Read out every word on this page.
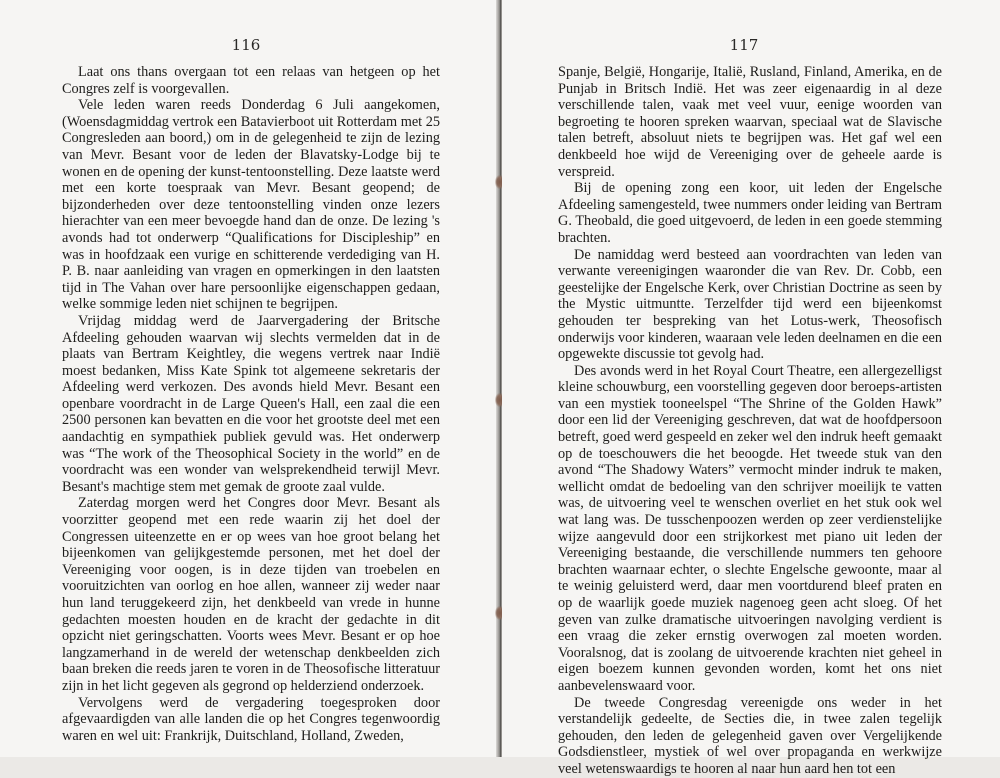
116

Laat ons thans overgaan tot een relaas van hetgeen op het Congres zelf is voorgevallen.

Vele leden waren reeds Donderdag 6 Juli aangekomen, (Woensdagmiddag vertrok een Batavierboot uit Rotterdam met 25 Congresleden aan boord,) om in de gelegenheid te zijn de lezing van Mevr. Besant voor de leden der Blavatsky-Lodge bij te wonen en de opening der kunst-tentoonstelling. Deze laatste werd met een korte toespraak van Mevr. Besant geopend; de bijzonderheden over deze tentoonstelling vinden onze lezers hierachter van een meer bevoegde hand dan de onze. De lezing 's avonds had tot onderwerp “Qualifications for Discipleship” en was in hoofdzaak een vurige en schitterende verdediging van H. P. B. naar aanleiding van vragen en opmerkingen in den laatsten tijd in The Vahan over hare persoonlijke eigenschappen gedaan, welke sommige leden niet schijnen te begrijpen.

Vrijdag middag werd de Jaarvergadering der Britsche Afdeeling gehouden waarvan wij slechts vermelden dat in de plaats van Bertram Keightley, die wegens vertrek naar Indië moest bedanken, Miss Kate Spink tot algemeene sekretaris der Afdeeling werd verkozen. Des avonds hield Mevr. Besant een openbare voordracht in de Large Queen's Hall, een zaal die een 2500 personen kan bevatten en die voor het grootste deel met een aandachtig en sympathiek publiek gevuld was. Het onderwerp was “The work of the Theosophical Society in the world” en de voordracht was een wonder van welsprekendheid terwijl Mevr. Besant's machtige stem met gemak de groote zaal vulde.

Zaterdag morgen werd het Congres door Mevr. Besant als voorzitter geopend met een rede waarin zij het doel der Congressen uiteenzette en er op wees van hoe groot belang het bijeenkomen van gelijkgestemde personen, met het doel der Vereeniging voor oogen, is in deze tijden van troebelen en vooruitzichten van oorlog en hoe allen, wanneer zij weder naar hun land teruggekeerd zijn, het denkbeeld van vrede in hunne gedachten moesten houden en de kracht der gedachte in dit opzicht niet geringschatten. Voorts wees Mevr. Besant er op hoe langzamerhand in de wereld der wetenschap denkbeelden zich baan breken die reeds jaren te voren in de Theosofische litteratuur zijn in het licht gegeven als gegrond op helderziend onderzoek.

Vervolgens werd de vergadering toegesproken door afgevaardigden van alle landen die op het Congres tegenwoordig waren en wel uit: Frankrijk, Duitschland, Holland, Zweden,

117

Spanje, België, Hongarije, Italië, Rusland, Finland, Amerika, en de Punjab in Britsch Indië. Het was zeer eigenaardig in al deze verschillende talen, vaak met veel vuur, eenige woorden van begroeting te hooren spreken waarvan, speciaal wat de Slavische talen betreft, absoluut niets te begrijpen was. Het gaf wel een denkbeeld hoe wijd de Vereeniging over de geheele aarde is verspreid.

Bij de opening zong een koor, uit leden der Engelsche Afdeeling samengesteld, twee nummers onder leiding van Bertram G. Theobald, die goed uitgevoerd, de leden in een goede stemming brachten.

De namiddag werd besteed aan voordrachten van leden van verwante vereenigingen waaronder die van Rev. Dr. Cobb, een geestelijke der Engelsche Kerk, over Christian Doctrine as seen by the Mystic uitmuntte. Terzelfder tijd werd een bijeenkomst gehouden ter bespreking van het Lotus-werk, Theosofisch onderwijs voor kinderen, waaraan vele leden deelnamen en die een opgewekte discussie tot gevolg had.

Des avonds werd in het Royal Court Theatre, een allergezelligst kleine schouwburg, een voorstelling gegeven door beroeps-artisten van een mystiek tooneelspel “The Shrine of the Golden Hawk” door een lid der Vereeniging geschreven, dat wat de hoofdpersoon betreft, goed werd gespeeld en zeker wel den indruk heeft gemaakt op de toeschouwers die het beoogde. Het tweede stuk van den avond “The Shadowy Waters” vermocht minder indruk te maken, wellicht omdat de bedoeling van den schrijver moeilijk te vatten was, de uitvoering veel te wenschen overliet en het stuk ook wel wat lang was. De tusschenpoozen werden op zeer verdienstelijke wijze aangevuld door een strijkorkest met piano uit leden der Vereeniging bestaande, die verschillende nummers ten gehoore brachten waarnaar echter, o slechte Engelsche gewoonte, maar al te weinig geluisterd werd, daar men voortdurend bleef praten en op de waarlijk goede muziek nagenoeg geen acht sloeg. Of het geven van zulke dramatische uitvoeringen navolging verdient is een vraag die zeker ernstig overwogen zal moeten worden. Vooralsnog, dat is zoolang de uitvoerende krachten niet geheel in eigen boezem kunnen gevonden worden, komt het ons niet aanbevelenswaard voor.

De tweede Congresdag vereenigde ons weder in het verstandelijk gedeelte, de Secties die, in twee zalen tegelijk gehouden, den leden de gelegenheid gaven over Vergelijkende Godsdienstleer, mystiek of wel over propaganda en werkwijze veel wetenswaardigs te hooren al naar hun aard hen tot een
